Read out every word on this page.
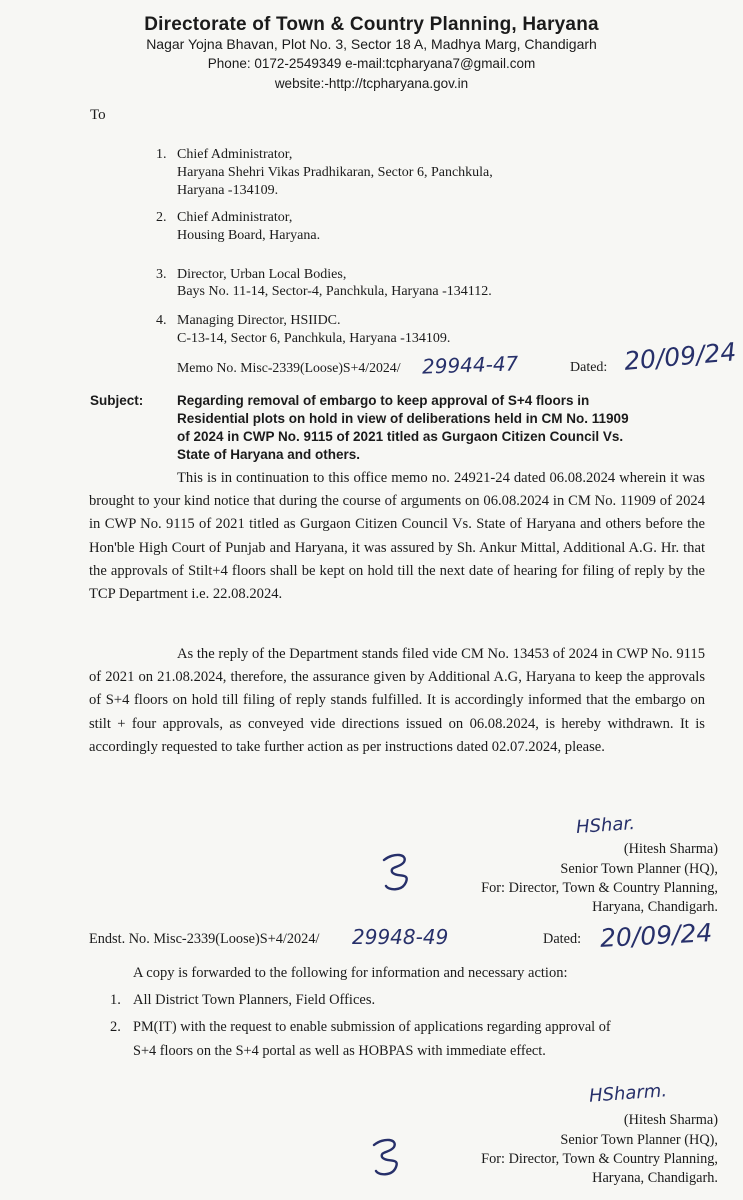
Directorate of Town & Country Planning, Haryana
Nagar Yojna Bhavan, Plot No. 3, Sector 18 A, Madhya Marg, Chandigarh
Phone: 0172-2549349 e-mail:tcpharyana7@gmail.com
website:-http://tcpharyana.gov.in
To
1. Chief Administrator,
Haryana Shehri Vikas Pradhikaran, Sector 6, Panchkula,
Haryana -134109.
2. Chief Administrator,
Housing Board, Haryana.
3. Director, Urban Local Bodies,
Bays No. 11-14, Sector-4, Panchkula, Haryana -134112.
4. Managing Director, HSIIDC.
C-13-14, Sector 6, Panchkula, Haryana -134109.
Memo No. Misc-2339(Loose)S+4/2024/ 29944-47	Dated: 20/09/24
Subject: Regarding removal of embargo to keep approval of S+4 floors in
Residential plots on hold in view of deliberations held in CM No. 11909
of 2024 in CWP No. 9115 of 2021 titled as Gurgaon Citizen Council Vs.
State of Haryana and others.
This is in continuation to this office memo no. 24921-24 dated 06.08.2024 wherein it was brought to your kind notice that during the course of arguments on 06.08.2024 in CM No. 11909 of 2024 in CWP No. 9115 of 2021 titled as Gurgaon Citizen Council Vs. State of Haryana and others before the Hon'ble High Court of Punjab and Haryana, it was assured by Sh. Ankur Mittal, Additional A.G. Hr. that the approvals of Stilt+4 floors shall be kept on hold till the next date of hearing for filing of reply by the TCP Department i.e. 22.08.2024.
As the reply of the Department stands filed vide CM No. 13453 of 2024 in CWP No. 9115 of 2021 on 21.08.2024, therefore, the assurance given by Additional A.G, Haryana to keep the approvals of S+4 floors on hold till filing of reply stands fulfilled. It is accordingly informed that the embargo on stilt + four approvals, as conveyed vide directions issued on 06.08.2024, is hereby withdrawn. It is accordingly requested to take further action as per instructions dated 02.07.2024, please.
HShar.
(Hitesh Sharma)
Senior Town Planner (HQ),
For: Director, Town & Country Planning,
Haryana, Chandigarh.
Endst. No. Misc-2339(Loose)S+4/2024/ 29948-49	Dated: 20/09/24
A copy is forwarded to the following for information and necessary action:
1. All District Town Planners, Field Offices.
2. PM(IT) with the request to enable submission of applications regarding approval of
S+4 floors on the S+4 portal as well as HOBPAS with immediate effect.
HSharm.
(Hitesh Sharma)
Senior Town Planner (HQ),
For: Director, Town & Country Planning,
Haryana, Chandigarh.
